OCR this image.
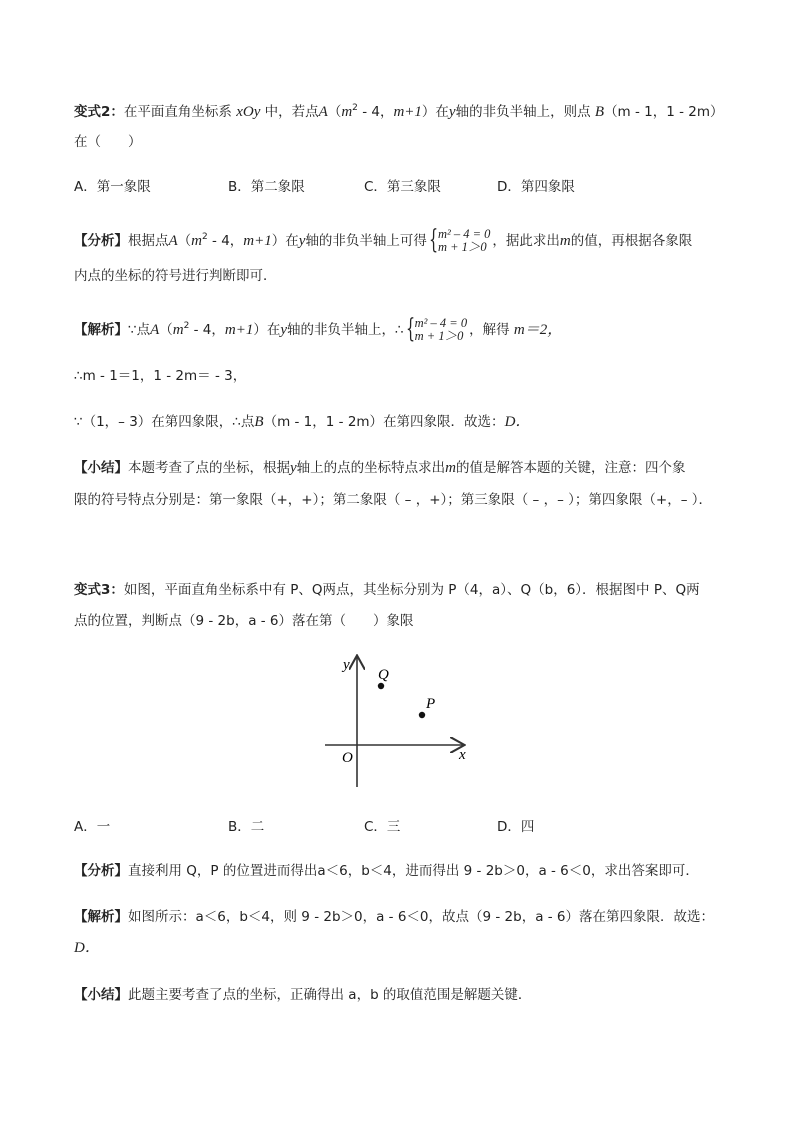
变式2：在平面直角坐标系 xOy 中，若点$A(m^2 - 4$，m+1）在y轴的非负半轴上，则点 B（m - 1，1 - 2m）
在（　　）
A．第一象限	B．第二象限	C．第三象限	D．第四象限
【分析】根据点$A(m^2 - 4$，m+1）在y轴的非负半轴上可得 { m² – 4 = 0
m + 1＞0 ，据此求出m的值，再根据各象限
内点的坐标的符号进行判断即可．
【解析】∵点$A(m^2 - 4$，m+1）在y轴的非负半轴上，∴ { m² – 4 = 0
m + 1＞0 ，解得 m＝2，
∴m - 1＝1，1 - 2m＝ - 3，
∵（1，– 3）在第四象限，∴点B（m - 1，1 - 2m）在第四象限．故选：D．
【小结】本题考查了点的坐标，根据y轴上的点的坐标特点求出m的值是解答本题的关键，注意：四个象
限的符号特点分别是：第一象限（+，+）；第二象限（ – ，+）；第三象限（ – ，– ）；第四象限（+，– ）．
变式3：如图，平面直角坐标系中有 P、Q两点，其坐标分别为 P（4，a）、Q（b，6）．根据图中 P、Q两
点的位置，判断点（9 - 2b，a - 6）落在第（　　）象限
y
x
O
Q
P
A．一	B．二	C．三	D．四
【分析】直接利用 Q，P 的位置进而得出a＜6，b＜4，进而得出 9 - 2b＞0，a - 6＜0，求出答案即可．
【解析】如图所示：a＜6，b＜4，则 9 - 2b＞0，a - 6＜0，故点（9 - 2b，a - 6）落在第四象限．故选：
D．
【小结】此题主要考查了点的坐标，正确得出 a，b 的取值范围是解题关键．
